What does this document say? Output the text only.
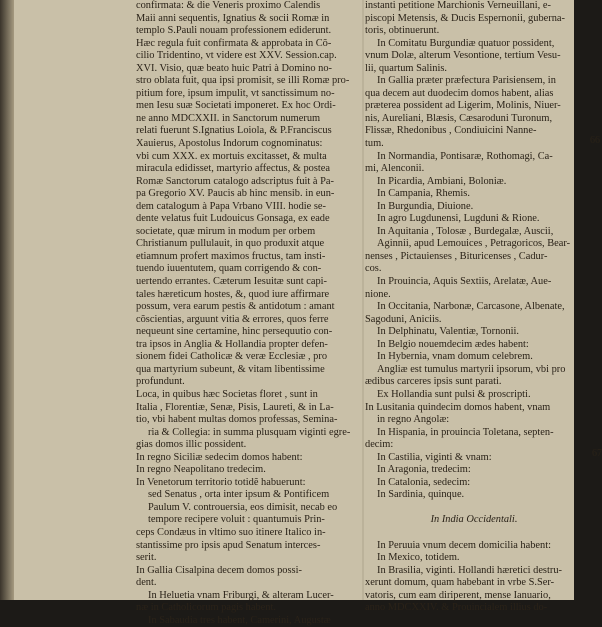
confirmata: & die Veneris proximo Calendis

Maii anni sequentis, Ignatius & socii Romæ in

templo S.Pauli nouam professionem ediderunt.

Hæc regula fuit confirmata & approbata in Cõ-

cilio Tridentino, vt videre est XXV. Session.cap.

XVI. Visio, quæ beato huic Patri à Domino no-

stro oblata fuit, qua ipsi promisit, se illi Romæ pro-

pitium fore, ipsum impulit, vt sanctissimum no-

men Iesu suæ Societati imponeret. Ex hoc Ordi-

ne anno MDCXXII. in Sanctorum numerum

relati fuerunt S.Ignatius Loiola, & P.Franciscus

Xauierus, Apostolus Indorum cognominatus:

vbi cum XXX. ex mortuis excitasset, & multa

miracula edidisset, martyrio affectus, & postea

Romæ Sanctorum catalogo adscriptus fuit à Pa-

pa Gregorio XV. Paucis ab hinc mensib. in eun-

dem catalogum à Papa Vrbano VIII. hodie se-

dente velatus fuit Ludouicus Gonsaga, ex eade

societate, quæ mirum in modum per orbem

Christianum pullulauit, in quo produxit atque

etiamnum profert maximos fructus, tam insti-

tuendo iuuentutem, quam corrigendo & con-

uertendo errantes. Cæterum Iesuitæ sunt capi-

tales hæreticum hostes, &, quod iure affirmare

possum, vera earum pestis & antidotum : amant

cõscientias, arguunt vitia & errores, quos ferre

nequeunt sine certamine, hinc persequutio con-

tra ipsos in Anglia & Hollandia propter defen-

sionem fidei Catholicæ & veræ Ecclesiæ , pro

qua martyrium subeunt, & vitam libentissime

profundunt.

Loca, in quibus hæc Societas floret , sunt in

Italia , Florentiæ, Senæ, Pisis, Laureti, & in La-

tio, vbi habent multas domos professas, Semina-

ria & Collegia: in summa plusquam viginti egre-

gias domos illic possident.

In regno Siciliæ sedecim domos habent:

In regno Neapolitano tredecim.

In Venetorum territorio totidẽ habuerunt:

sed Senatus , orta inter ipsum & Pontificem

Paulum V. controuersia, eos dimisit, necab eo

tempore recipere voluit : quantumuis Prin-

ceps Condæus in vltimo suo itinere Italico in-

stantissime pro ipsis apud Senatum interces-

serit.

In Gallia Cisalpina decem domos possi-

dent.

In Heluetia vnam Friburgi, & alteram Lucer-

næ in Catholicorum pagis habent.

In Sabaudia tres habent, Camerini, Augustæ

instanti petitione Marchionis Verneuillani, e-

piscopi Metensis, & Ducis Espernonii, guberna-

toris, obtinuerunt.

In Comitatu Burgundiæ quatuor possident,

vnum Dolæ, alterum Vesontione, tertium Vesu-

lii, quartum Salinis.

In Gallia præter præfectura Parisiensem, in

qua decem aut duodecim domos habent, alias

præterea possident ad Ligerim, Molinis, Niuer-

nis, Aureliani, Blæsis, Cæsaroduni Turonum,

Flissæ, Rhedonibus , Condiuicini Nanne-

tum.

In Normandia, Pontisaræ, Rothomagi, Ca-

mi, Alenconii.

In Picardia, Ambiani, Boloniæ.

In Campania, Rhemis.

In Burgundia, Diuione.

In agro Lugdunensi, Lugduni & Rione.

In Aquitania , Tolosæ , Burdegalæ, Auscii,

Aginnii, apud Lemouices , Petragoricos, Bear-

nenses , Pictauienses , Bituricenses , Cadur-

cos.

In Prouincia, Aquis Sextiis, Arelatæ, Aue-

nione.

In Occitania, Narbonæ, Carcasone, Albenate,

Sagoduni, Aniciis.

In Delphinatu, Valentiæ, Tornonii.

In Belgio nouemdecim ædes habent:

In Hybernia, vnam domum celebrem.

Angliæ est tumulus martyrii ipsorum, vbi pro

ædibus carceres ipsis sunt parati.

Ex Hollandia sunt pulsi & proscripti.

In Lusitania quindecim domos habent, vnam

in regno Angolæ:

In Hispania, in prouincia Toletana, septen-

decim:

In Castilia, viginti & vnam:

In Aragonia, tredecim:

In Catalonia, sedecim:

In Sardinia, quinque.

In India Occidentali.

In Peruuia vnum decem domicilia habent:

In Mexico, totidem.

In Brasilia, viginti. Hollandi hæretici destru-

xerunt domum, quam habebant in vrbe S.Ser-

vatoris, cum eam diriperent, mense Ianuario,

anno MDCXXIV. & Prouincialem illius do-

66
67
